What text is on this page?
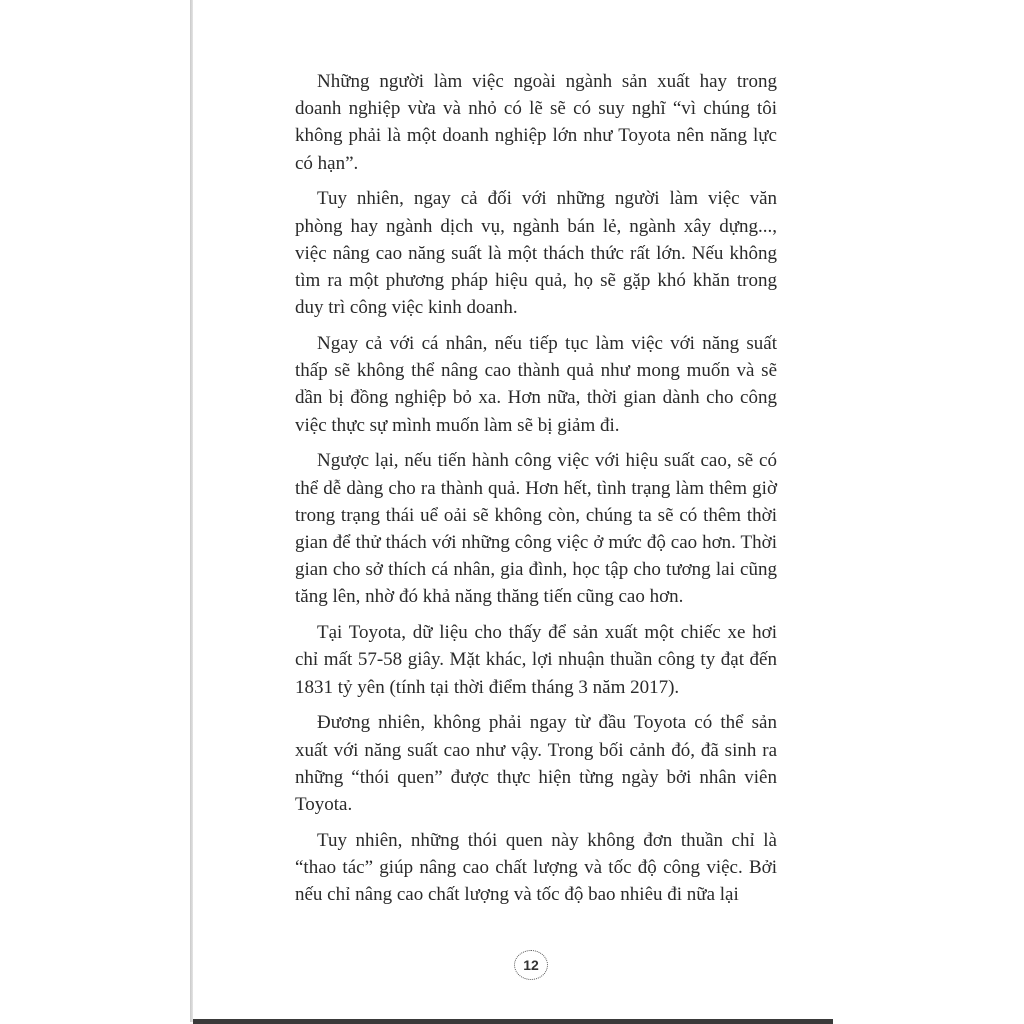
Những người làm việc ngoài ngành sản xuất hay trong doanh nghiệp vừa và nhỏ có lẽ sẽ có suy nghĩ “vì chúng tôi không phải là một doanh nghiệp lớn như Toyota nên năng lực có hạn”.

Tuy nhiên, ngay cả đối với những người làm việc văn phòng hay ngành dịch vụ, ngành bán lẻ, ngành xây dựng..., việc nâng cao năng suất là một thách thức rất lớn. Nếu không tìm ra một phương pháp hiệu quả, họ sẽ gặp khó khăn trong duy trì công việc kinh doanh.

Ngay cả với cá nhân, nếu tiếp tục làm việc với năng suất thấp sẽ không thể nâng cao thành quả như mong muốn và sẽ dần bị đồng nghiệp bỏ xa. Hơn nữa, thời gian dành cho công việc thực sự mình muốn làm sẽ bị giảm đi.

Ngược lại, nếu tiến hành công việc với hiệu suất cao, sẽ có thể dễ dàng cho ra thành quả. Hơn hết, tình trạng làm thêm giờ trong trạng thái uể oải sẽ không còn, chúng ta sẽ có thêm thời gian để thử thách với những công việc ở mức độ cao hơn. Thời gian cho sở thích cá nhân, gia đình, học tập cho tương lai cũng tăng lên, nhờ đó khả năng thăng tiến cũng cao hơn.

Tại Toyota, dữ liệu cho thấy để sản xuất một chiếc xe hơi chỉ mất 57-58 giây. Mặt khác, lợi nhuận thuần công ty đạt đến 1831 tỷ yên (tính tại thời điểm tháng 3 năm 2017).

Đương nhiên, không phải ngay từ đầu Toyota có thể sản xuất với năng suất cao như vậy. Trong bối cảnh đó, đã sinh ra những “thói quen” được thực hiện từng ngày bởi nhân viên Toyota.

Tuy nhiên, những thói quen này không đơn thuần chỉ là “thao tác” giúp nâng cao chất lượng và tốc độ công việc. Bởi nếu chỉ nâng cao chất lượng và tốc độ bao nhiêu đi nữa lại

12
